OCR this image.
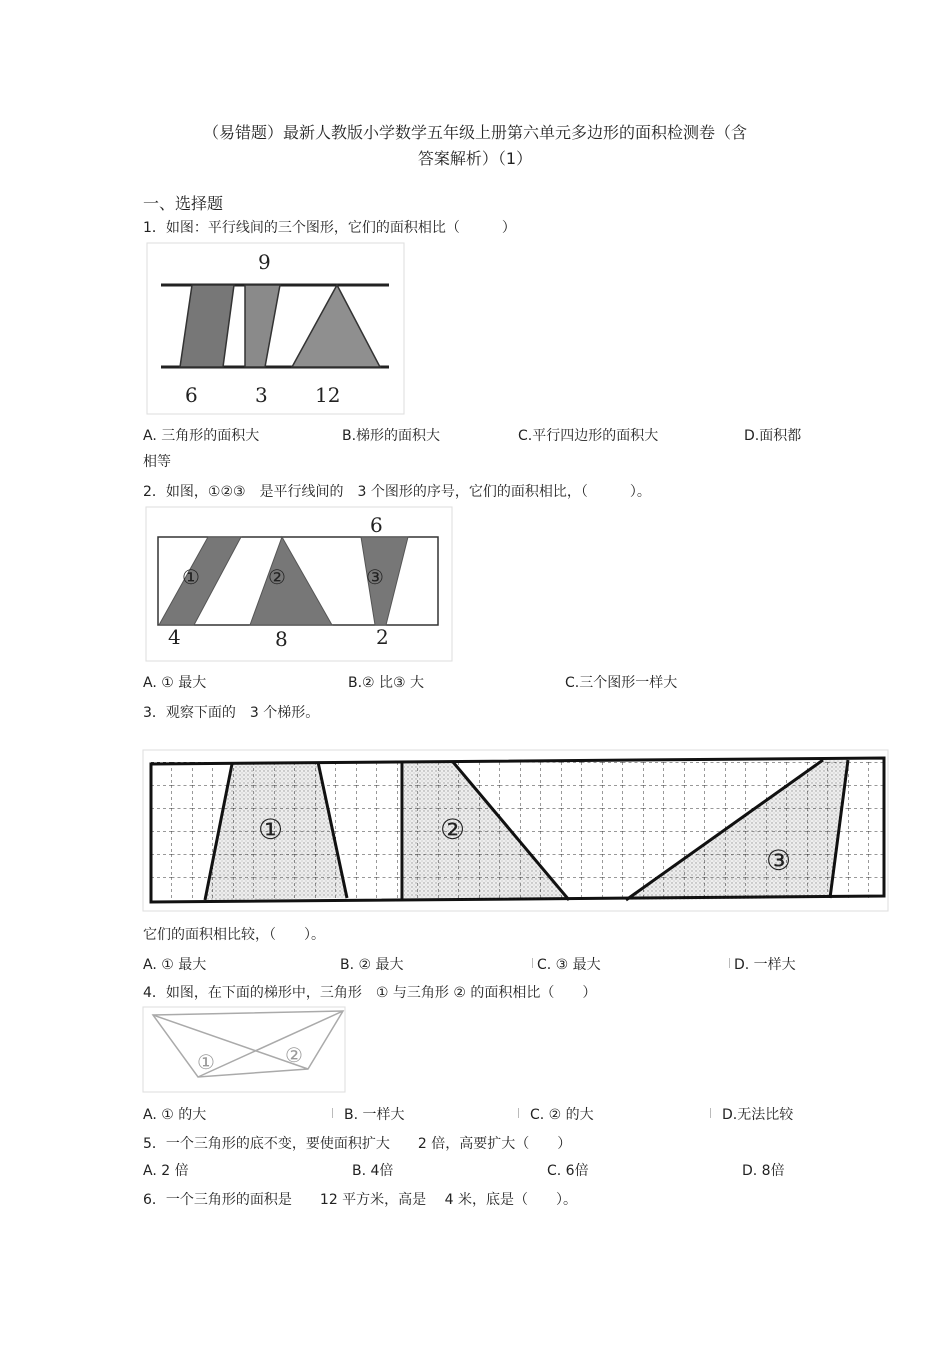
（易错题）最新人教版小学数学五年级上册第六单元多边形的面积检测卷（含
答案解析）（1）
一、选择题
1．如图：平行线间的三个图形，它们的面积相比（　　　）
9
6	3 12
A. 三角形的面积大	B.梯形的面积大	C.平行四边形的面积大	D.面积都
相等
2．如图，①②③　是平行线间的　3 个图形的序号，它们的面积相比，（　　　）。
6
①	②	③
4	8	2
A. ① 最大	B.② 比③ 大	C.三个图形一样大
3．观察下面的　3 个梯形。
①	②
③
它们的面积相比较，（　　）。
A. ① 最大	B. ② 最大	C. ③ 最大	D. 一样大
4．如图，在下面的梯形中，三角形　① 与三角形 ② 的面积相比（　　）
①	②
A. ① 的大	B. 一样大	C. ② 的大	D.无法比较
5．一个三角形的底不变，要使面积扩大　　2 倍，高要扩大（　　）
A. 2 倍	B. 4倍	C. 6倍	D. 8倍
6．一个三角形的面积是　　12 平方米，高是　 4 米，底是（　　）。
